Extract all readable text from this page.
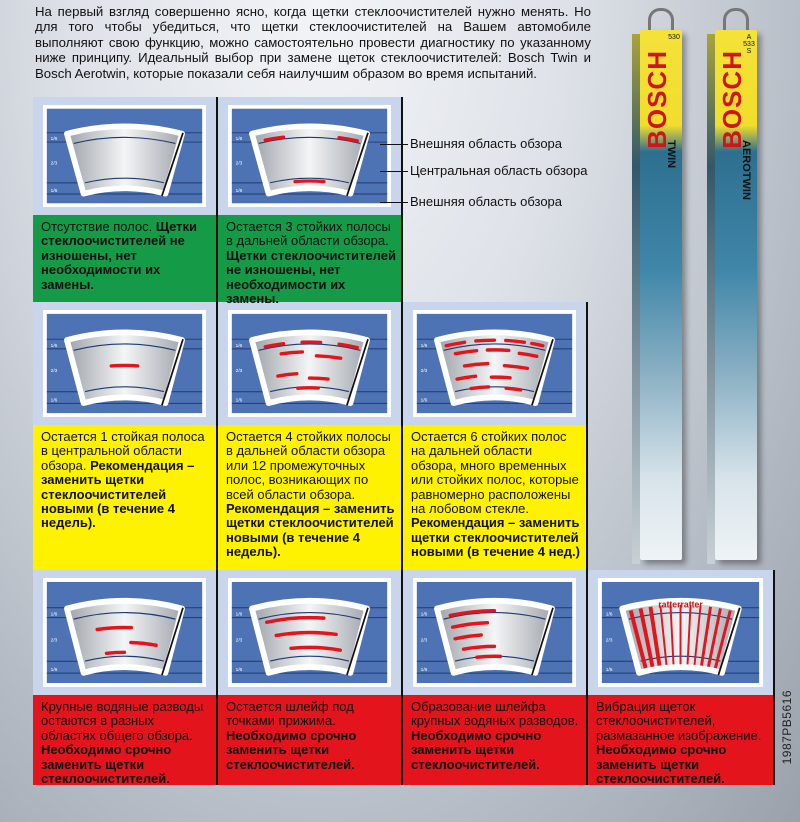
На первый взгляд совершенно ясно, когда щетки стеклоочистителей нужно менять. Но для того чтобы убедиться, что щетки стеклоочистителей на Вашем автомобиле выполняют свою функцию, можно самостоятельно провести диагностику по указанному ниже принципу. Идеальный выбор при замене щеток стеклоочистителей: Bosch Twin и Bosch Aerotwin, которые показали себя наилучшим образом во время испытаний.
1/6
2/3
1/6
Отсутствие полос. Щетки стеклоочистителей не изношены, нет необходимости их замены.
1/6
2/3
1/6
Остается 3 стойких полосы в дальней области обзора. Щетки стеклоочистителей не изношены, нет необходимости их замены.
1/6
2/3
1/6
Остается 1 стойкая полоса в центральной области обзора. Рекомендация – заменить щетки стеклоочистителей новыми (в течение 4 недель).
1/6
2/3
1/6
Остается 4 стойких полосы в дальней области обзора или 12 промежуточных полос, возникающих по всей области обзора. Рекомендация – заменить щетки стеклоочистителей новыми (в течение 4 недель).
1/6
2/3
1/6
Остается 6 стойких полос на дальней области обзора, много временных или стойких полос, которые равномерно расположены на лобовом стекле. Рекомендация – заменить щетки стеклоочистителей новыми (в течение 4 нед.)
1/6
2/3
1/6
Крупные водяные разводы остаются в разных областях общего обзора. Необходимо срочно заменить щетки стеклоочистителей.
1/6
2/3
1/6
Остается шлейф под точками прижима. Необходимо срочно заменить щетки стеклоочистителей.
1/6
2/3
1/6
Образование шлейфа крупных водяных разводов. Необходимо срочно заменить щетки стеклоочистителей.
1/6
2/3
1/6
ratterratter
Вибрация щеток стеклоочистителей, размазанное изображение. Необходимо срочно заменить щетки стеклоочистителей.
Внешняя область обзора
Центральная область обзора
Внешняя область обзора
BOSCH
TWIN
530
BOSCH
AEROTWIN
A 533 S
1987PB5616
